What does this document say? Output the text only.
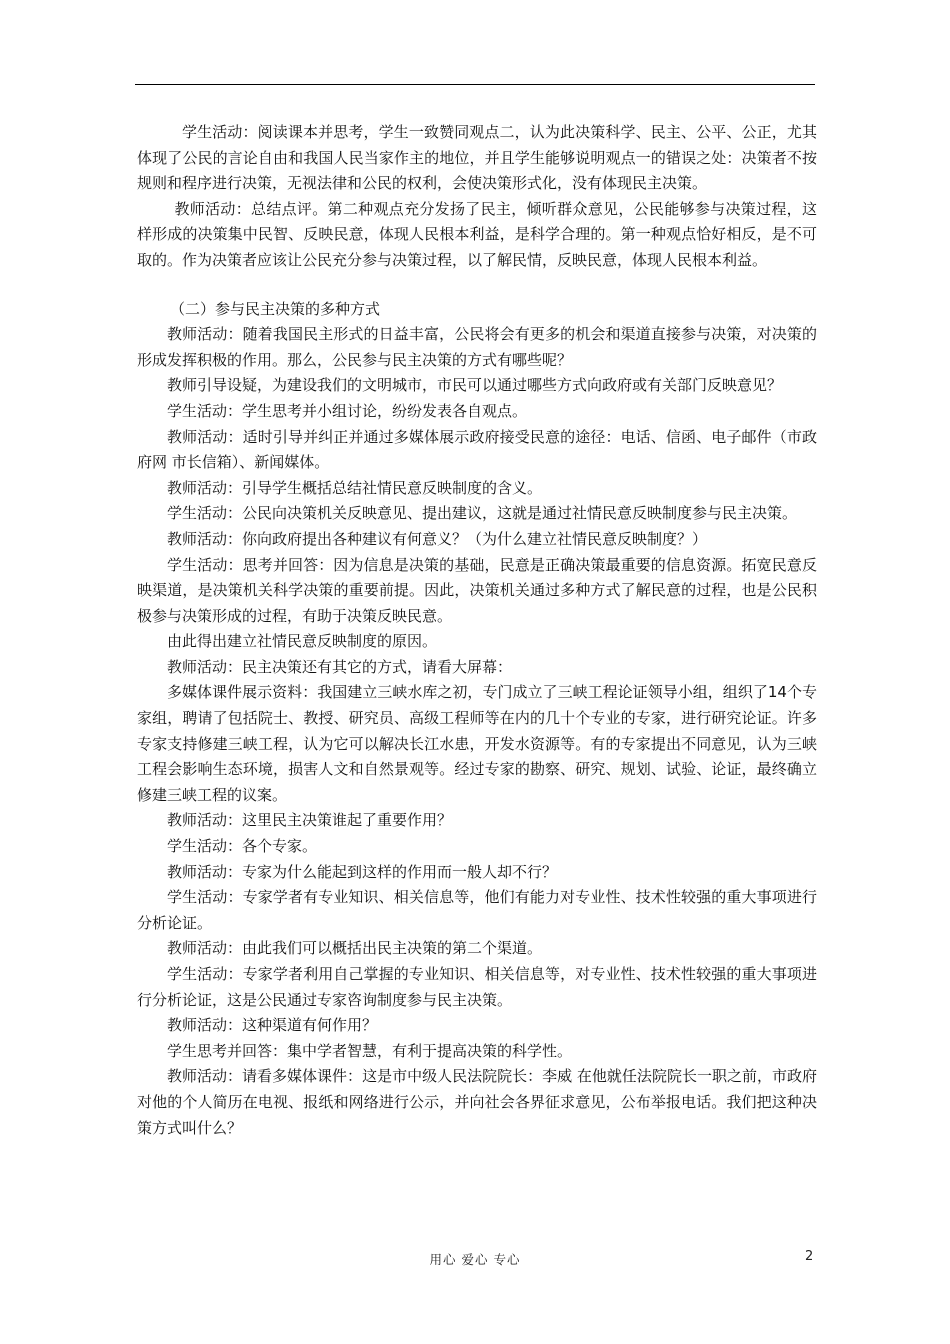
学生活动：阅读课本并思考，学生一致赞同观点二，认为此决策科学、民主、公平、公正，尤其体现了公民的言论自由和我国人民当家作主的地位，并且学生能够说明观点一的错误之处：决策者不按规则和程序进行决策，无视法律和公民的权利，会使决策形式化，没有体现民主决策。

教师活动：总结点评。第二种观点充分发扬了民主，倾听群众意见，公民能够参与决策过程，这样形成的决策集中民智、反映民意，体现人民根本利益，是科学合理的。第一种观点恰好相反，是不可取的。作为决策者应该让公民充分参与决策过程，以了解民情，反映民意，体现人民根本利益。

（二）参与民主决策的多种方式

教师活动：随着我国民主形式的日益丰富，公民将会有更多的机会和渠道直接参与决策，对决策的形成发挥积极的作用。那么，公民参与民主决策的方式有哪些呢？

教师引导设疑，为建设我们的文明城市，市民可以通过哪些方式向政府或有关部门反映意见？

学生活动：学生思考并小组讨论，纷纷发表各自观点。

教师活动：适时引导并纠正并通过多媒体展示政府接受民意的途径：电话、信函、电子邮件（市政府网 市长信箱）、新闻媒体。

教师活动：引导学生概括总结社情民意反映制度的含义。

学生活动：公民向决策机关反映意见、提出建议，这就是通过社情民意反映制度参与民主决策。

教师活动：你向政府提出各种建议有何意义？（为什么建立社情民意反映制度？）

学生活动：思考并回答：因为信息是决策的基础，民意是正确决策最重要的信息资源。拓宽民意反映渠道，是决策机关科学决策的重要前提。因此，决策机关通过多种方式了解民意的过程，也是公民积极参与决策形成的过程，有助于决策反映民意。

由此得出建立社情民意反映制度的原因。

教师活动：民主决策还有其它的方式，请看大屏幕：

多媒体课件展示资料：我国建立三峡水库之初，专门成立了三峡工程论证领导小组，组织了14个专家组，聘请了包括院士、教授、研究员、高级工程师等在内的几十个专业的专家，进行研究论证。许多专家支持修建三峡工程，认为它可以解决长江水患，开发水资源等。有的专家提出不同意见，认为三峡工程会影响生态环境，损害人文和自然景观等。经过专家的勘察、研究、规划、试验、论证，最终确立修建三峡工程的议案。

教师活动：这里民主决策谁起了重要作用？

学生活动：各个专家。

教师活动：专家为什么能起到这样的作用而一般人却不行？

学生活动：专家学者有专业知识、相关信息等，他们有能力对专业性、技术性较强的重大事项进行分析论证。

教师活动：由此我们可以概括出民主决策的第二个渠道。

学生活动：专家学者利用自己掌握的专业知识、相关信息等，对专业性、技术性较强的重大事项进行分析论证，这是公民通过专家咨询制度参与民主决策。

教师活动：这种渠道有何作用？

学生思考并回答：集中学者智慧，有利于提高决策的科学性。

教师活动：请看多媒体课件：这是市中级人民法院院长：李威 在他就任法院院长一职之前，市政府对他的个人简历在电视、报纸和网络进行公示，并向社会各界征求意见，公布举报电话。我们把这种决策方式叫什么？

用心 爱心 专心	2
